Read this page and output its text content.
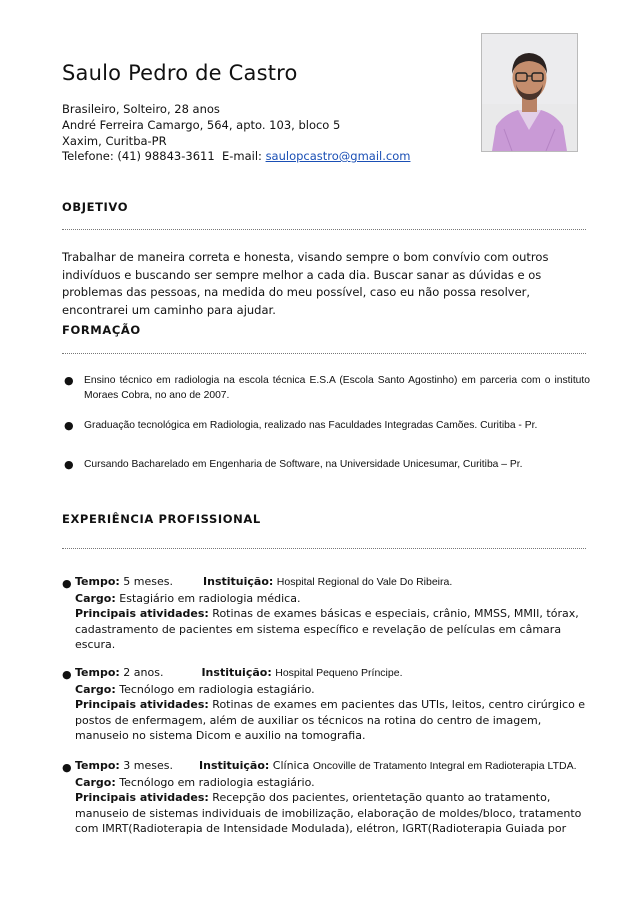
Saulo Pedro de Castro
Brasileiro, Solteiro, 28 anos
André Ferreira Camargo, 564, apto. 103, bloco 5
Xaxim, Curitba-PR
Telefone: (41) 98843-3611 E-mail: saulopcastro@gmail.com
OBJETIVO
Trabalhar de maneira correta e honesta, visando sempre o bom convívio com outros indivíduos e buscando ser sempre melhor a cada dia. Buscar sanar as dúvidas e os problemas das pessoas, na medida do meu possível, caso eu não possa resolver, encontrarei um caminho para ajudar.
FORMAÇÃO
● Ensino técnico em radiologia na escola técnica E.S.A (Escola Santo Agostinho) em parceria com o instituto Moraes Cobra, no ano de 2007.
● Graduação tecnológica em Radiologia, realizado nas Faculdades Integradas Camões. Curitiba - Pr.
● Cursando Bacharelado em Engenharia de Software, na Universidade Unicesumar, Curitiba – Pr.
EXPERIÊNCIA PROFISSIONAL
● Tempo: 5 meses.	Instituição: Hospital Regional do Vale Do Ribeira.
Cargo: Estagiário em radiologia médica.
Principais atividades: Rotinas de exames básicas e especiais, crânio, MMSS, MMII, tórax, cadastramento de pacientes em sistema específico e revelação de películas em câmara escura.
● Tempo: 2 anos.	Instituição: Hospital Pequeno Príncipe.
Cargo: Tecnólogo em radiologia estagiário.
Principais atividades: Rotinas de exames em pacientes das UTIs, leitos, centro cirúrgico e postos de enfermagem, além de auxiliar os técnicos na rotina do centro de imagem, manuseio no sistema Dicom e auxilio na tomografia.
● Tempo: 3 meses. Instituição: Clínica Oncoville de Tratamento Integral em Radioterapia LTDA.
Cargo: Tecnólogo em radiologia estagiário.
Principais atividades: Recepção dos pacientes, orientetação quanto ao tratamento, manuseio de sistemas individuais de imobilização, elaboração de moldes/bloco, tratamento com IMRT(Radioterapia de Intensidade Modulada), elétron, IGRT(Radioterapia Guiada por
